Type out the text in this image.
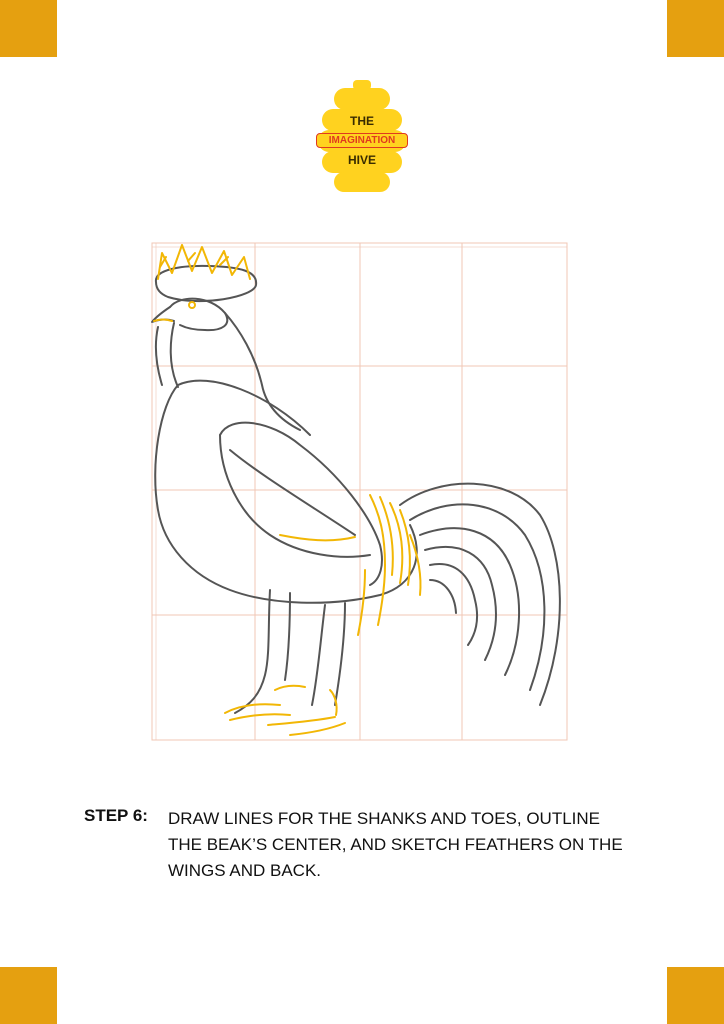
THE
IMAGINATION
HIVE
STEP 6: DRAW LINES FOR THE SHANKS AND TOES, OUTLINE THE BEAK’S CENTER, AND SKETCH FEATHERS ON THE WINGS AND BACK.
